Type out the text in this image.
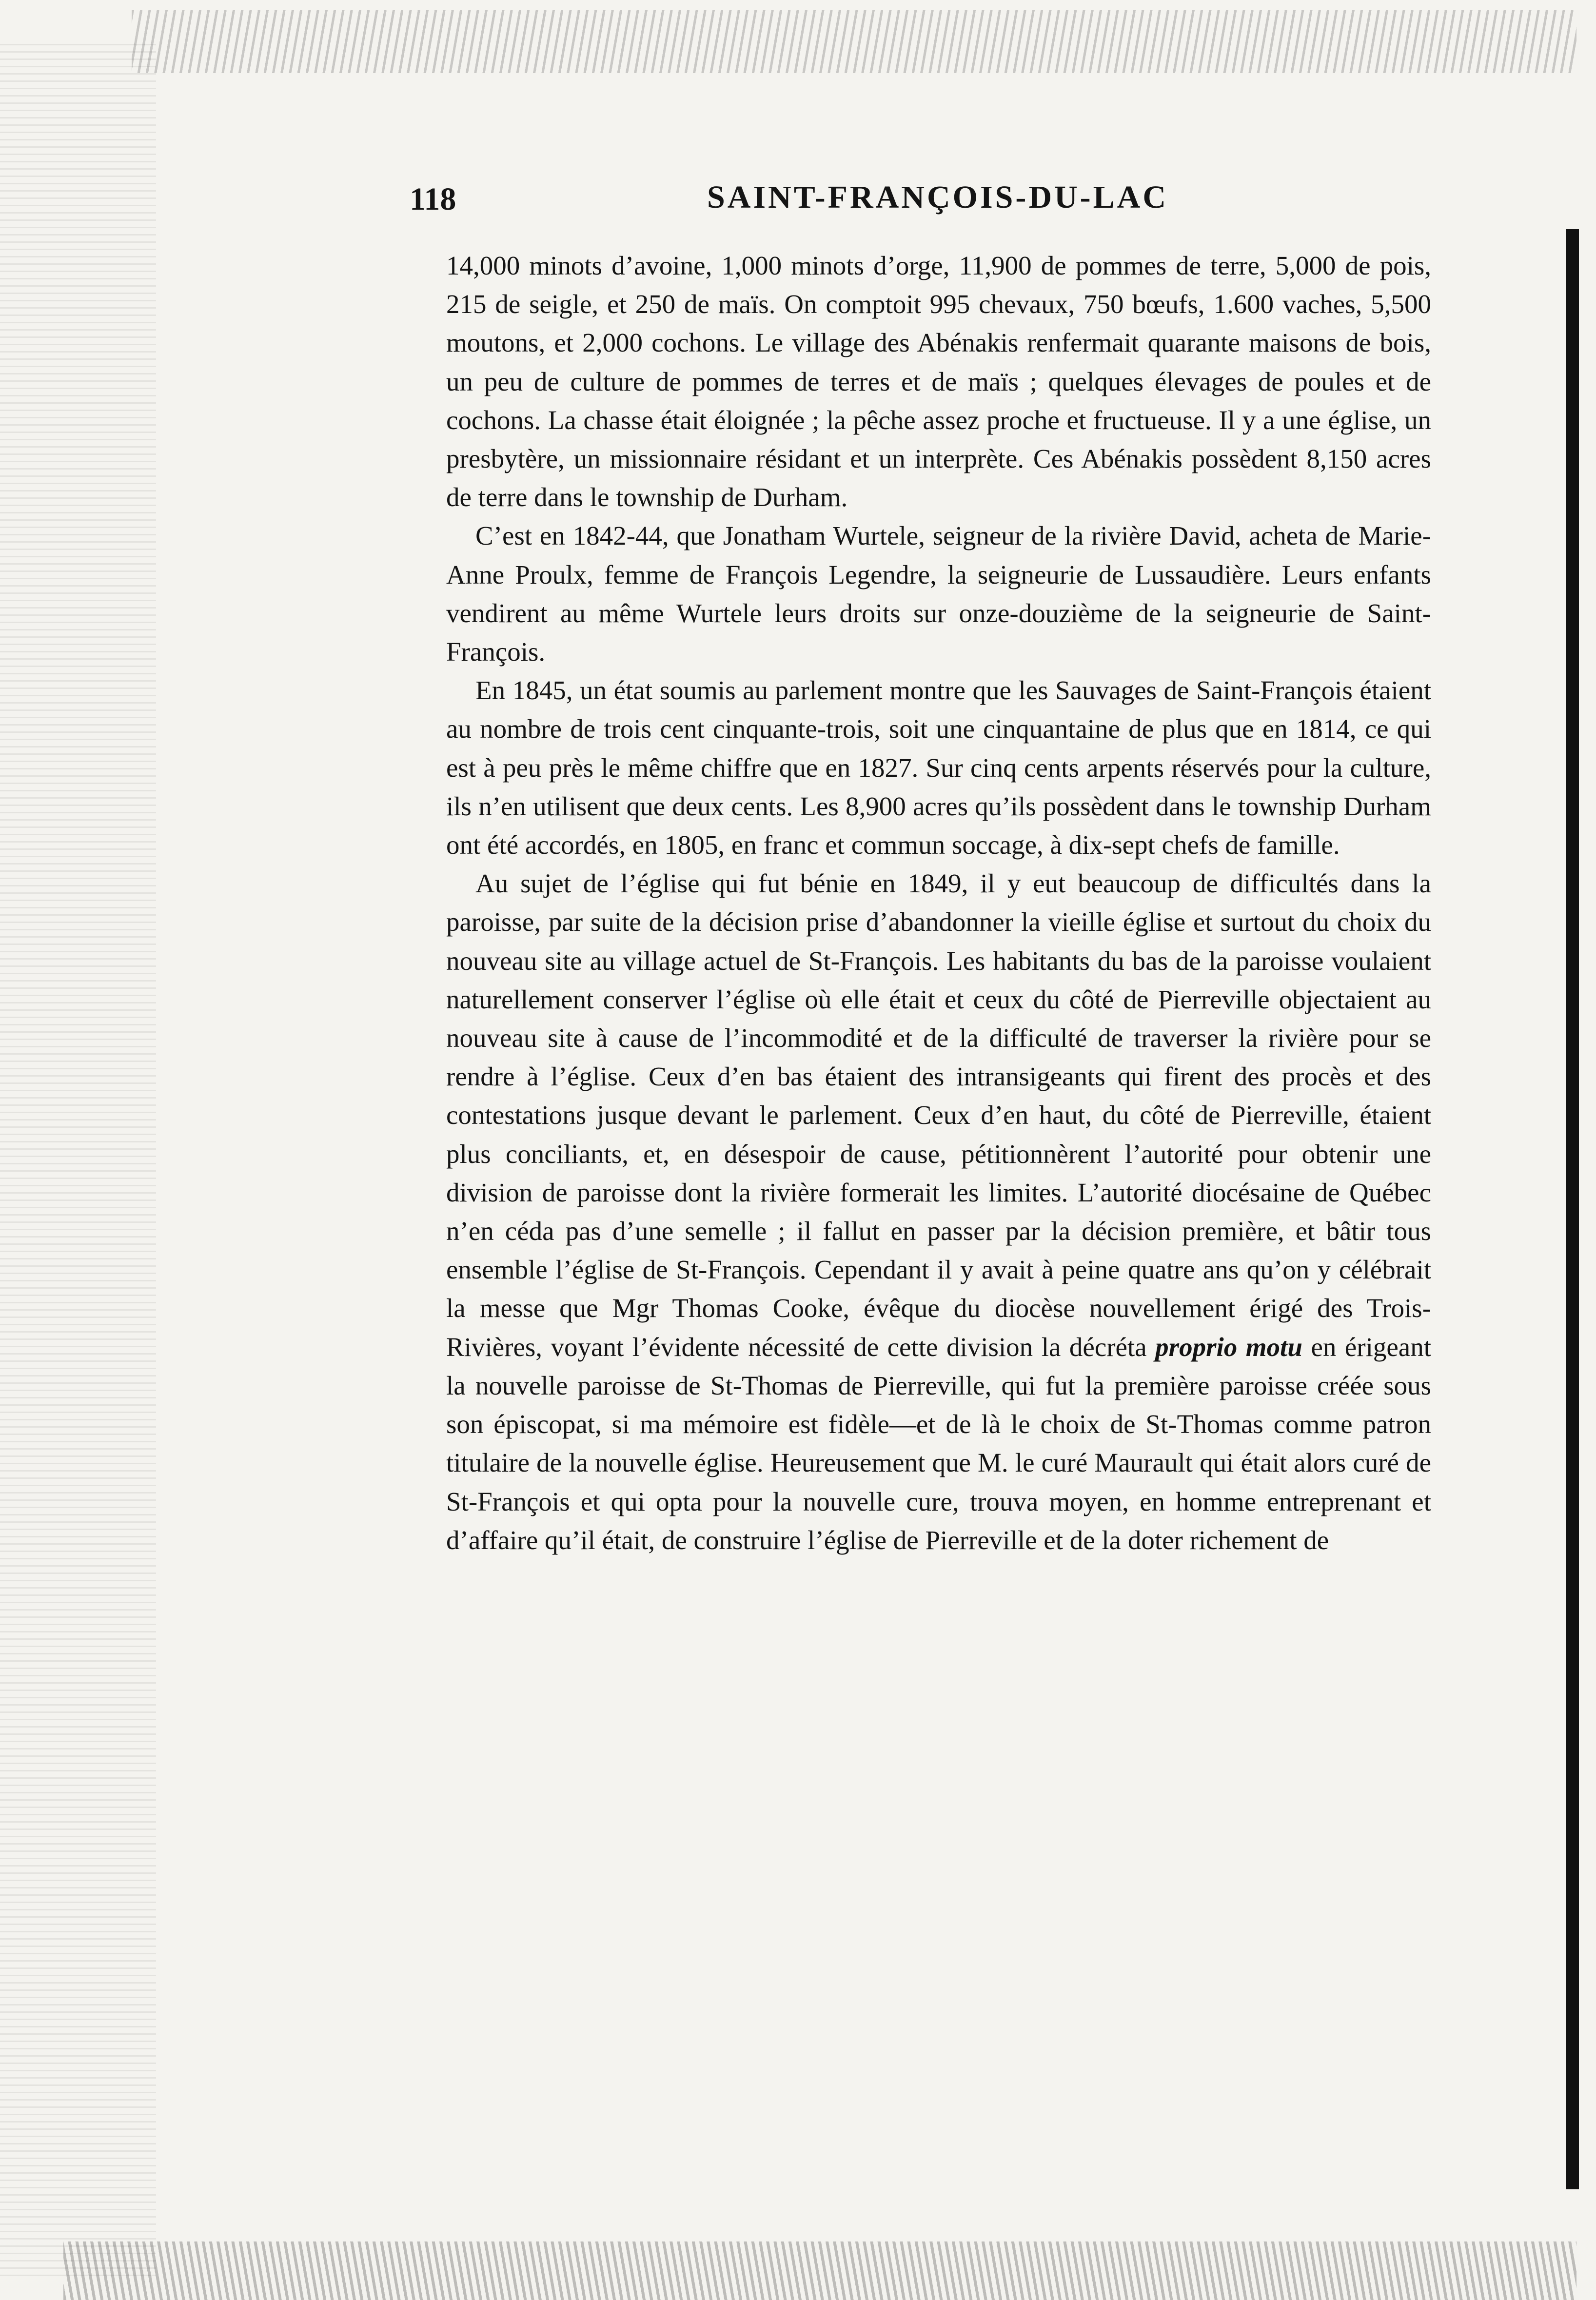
118	SAINT-FRANÇOIS-DU-LAC

14,000 minots d’avoine, 1,000 minots d’orge, 11,900 de pommes de terre, 5,000 de pois, 215 de seigle, et 250 de maïs. On comptoit 995 chevaux, 750 bœufs, 1.600 vaches, 5,500 moutons, et 2,000 cochons. Le village des Abénakis renfermait quarante maisons de bois, un peu de culture de pommes de terres et de maïs ; quelques élevages de poules et de cochons. La chasse était éloignée ; la pêche assez proche et fructueuse. Il y a une église, un presbytère, un missionnaire résidant et un interprète. Ces Abénakis possèdent 8,150 acres de terre dans le township de Durham.

C’est en 1842-44, que Jonatham Wurtele, seigneur de la rivière David, acheta de Marie-Anne Proulx, femme de François Legendre, la seigneurie de Lussaudière. Leurs enfants vendirent au même Wurtele leurs droits sur onze-douzième de la seigneurie de Saint-François.

En 1845, un état soumis au parlement montre que les Sauvages de Saint-François étaient au nombre de trois cent cinquante-trois, soit une cinquantaine de plus que en 1814, ce qui est à peu près le même chiffre que en 1827. Sur cinq cents arpents réservés pour la culture, ils n’en utilisent que deux cents. Les 8,900 acres qu’ils possèdent dans le township Durham ont été accordés, en 1805, en franc et commun soccage, à dix-sept chefs de famille.

Au sujet de l’église qui fut bénie en 1849, il y eut beaucoup de difficultés dans la paroisse, par suite de la décision prise d’abandonner la vieille église et surtout du choix du nouveau site au village actuel de St-François. Les habitants du bas de la paroisse voulaient naturellement conserver l’église où elle était et ceux du côté de Pierreville objectaient au nouveau site à cause de l’incommodité et de la difficulté de traverser la rivière pour se rendre à l’église. Ceux d’en bas étaient des intransigeants qui firent des procès et des contestations jusque devant le parlement. Ceux d’en haut, du côté de Pierreville, étaient plus conciliants, et, en désespoir de cause, pétitionnèrent l’autorité pour obtenir une division de paroisse dont la rivière formerait les limites. L’autorité diocésaine de Québec n’en céda pas d’une semelle ; il fallut en passer par la décision première, et bâtir tous ensemble l’église de St-François. Cependant il y avait à peine quatre ans qu’on y célébrait la messe que Mgr Thomas Cooke, évêque du diocèse nouvellement érigé des Trois-Rivières, voyant l’évidente nécessité de cette division la décréta proprio motu en érigeant la nouvelle paroisse de St-Thomas de Pierreville, qui fut la première paroisse créée sous son épiscopat, si ma mémoire est fidèle—et de là le choix de St-Thomas comme patron titulaire de la nouvelle église. Heureusement que M. le curé Maurault qui était alors curé de St-François et qui opta pour la nouvelle cure, trouva moyen, en homme entreprenant et d’affaire qu’il était, de construire l’église de Pierreville et de la doter richement de
